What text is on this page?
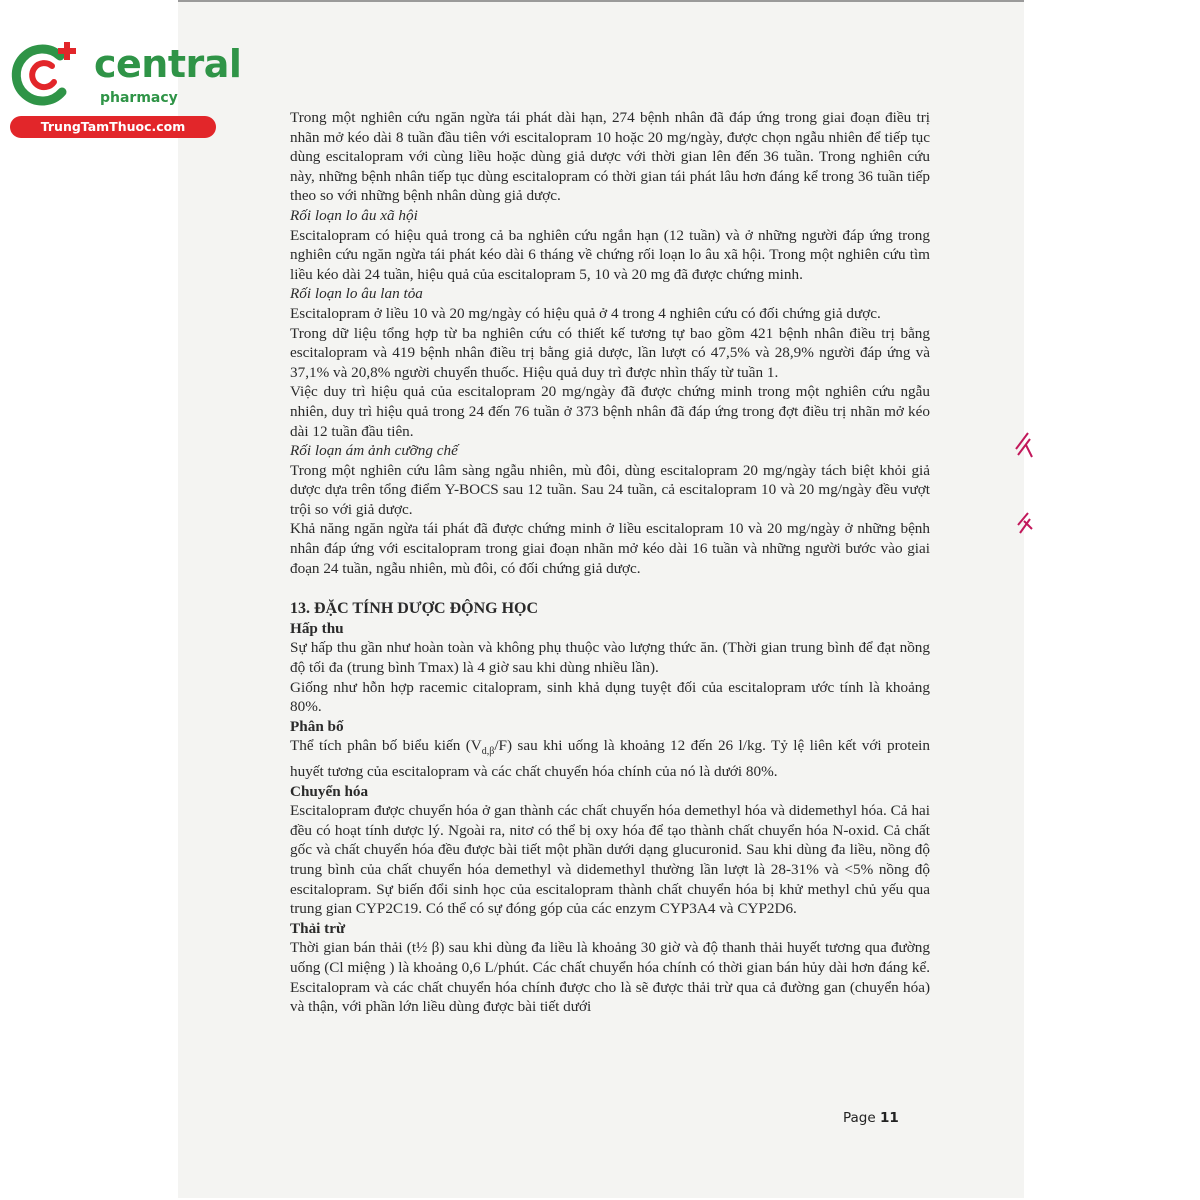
central
pharmacy
TrungTamThuoc.com

Trong một nghiên cứu ngăn ngừa tái phát dài hạn, 274 bệnh nhân đã đáp ứng trong giai đoạn điều trị nhãn mở kéo dài 8 tuần đầu tiên với escitalopram 10 hoặc 20 mg/ngày, được chọn ngẫu nhiên để tiếp tục dùng escitalopram với cùng liều hoặc dùng giả dược với thời gian lên đến 36 tuần. Trong nghiên cứu này, những bệnh nhân tiếp tục dùng escitalopram có thời gian tái phát lâu hơn đáng kể trong 36 tuần tiếp theo so với những bệnh nhân dùng giả dược.

Rối loạn lo âu xã hội

Escitalopram có hiệu quả trong cả ba nghiên cứu ngắn hạn (12 tuần) và ở những người đáp ứng trong nghiên cứu ngăn ngừa tái phát kéo dài 6 tháng về chứng rối loạn lo âu xã hội. Trong một nghiên cứu tìm liều kéo dài 24 tuần, hiệu quả của escitalopram 5, 10 và 20 mg đã được chứng minh.

Rối loạn lo âu lan tỏa

Escitalopram ở liều 10 và 20 mg/ngày có hiệu quả ở 4 trong 4 nghiên cứu có đối chứng giả dược.

Trong dữ liệu tổng hợp từ ba nghiên cứu có thiết kế tương tự bao gồm 421 bệnh nhân điều trị bằng escitalopram và 419 bệnh nhân điều trị bằng giả dược, lần lượt có 47,5% và 28,9% người đáp ứng và 37,1% và 20,8% người chuyển thuốc. Hiệu quả duy trì được nhìn thấy từ tuần 1.

Việc duy trì hiệu quả của escitalopram 20 mg/ngày đã được chứng minh trong một nghiên cứu ngẫu nhiên, duy trì hiệu quả trong 24 đến 76 tuần ở 373 bệnh nhân đã đáp ứng trong đợt điều trị nhãn mở kéo dài 12 tuần đầu tiên.

Rối loạn ám ảnh cưỡng chế

Trong một nghiên cứu lâm sàng ngẫu nhiên, mù đôi, dùng escitalopram 20 mg/ngày tách biệt khỏi giả dược dựa trên tổng điểm Y-BOCS sau 12 tuần. Sau 24 tuần, cả escitalopram 10 và 20 mg/ngày đều vượt trội so với giả dược.

Khả năng ngăn ngừa tái phát đã được chứng minh ở liều escitalopram 10 và 20 mg/ngày ở những bệnh nhân đáp ứng với escitalopram trong giai đoạn nhãn mở kéo dài 16 tuần và những người bước vào giai đoạn 24 tuần, ngẫu nhiên, mù đôi, có đối chứng giả dược.

13. ĐẶC TÍNH DƯỢC ĐỘNG HỌC

Hấp thu

Sự hấp thu gần như hoàn toàn và không phụ thuộc vào lượng thức ăn. (Thời gian trung bình để đạt nồng độ tối đa (trung bình Tmax) là 4 giờ sau khi dùng nhiều lần).

Giống như hỗn hợp racemic citalopram, sinh khả dụng tuyệt đối của escitalopram ước tính là khoảng 80%.

Phân bố

Thể tích phân bố biểu kiến $(V_{d,\beta}/F)$ sau khi uống là khoảng 12 đến 26 l/kg. Tỷ lệ liên kết với protein huyết tương của escitalopram và các chất chuyển hóa chính của nó là dưới 80%.

Chuyển hóa

Escitalopram được chuyển hóa ở gan thành các chất chuyển hóa demethyl hóa và didemethyl hóa. Cả hai đều có hoạt tính dược lý. Ngoài ra, nitơ có thể bị oxy hóa để tạo thành chất chuyển hóa N-oxid. Cả chất gốc và chất chuyển hóa đều được bài tiết một phần dưới dạng glucuronid. Sau khi dùng đa liều, nồng độ trung bình của chất chuyển hóa demethyl và didemethyl thường lần lượt là 28-31% và <5% nồng độ escitalopram. Sự biến đổi sinh học của escitalopram thành chất chuyển hóa bị khử methyl chủ yếu qua trung gian CYP2C19. Có thể có sự đóng góp của các enzym CYP3A4 và CYP2D6.

Thải trừ

Thời gian bán thải (t½ β) sau khi dùng đa liều là khoảng 30 giờ và độ thanh thải huyết tương qua đường uống (Cl miệng ) là khoảng 0,6 L/phút. Các chất chuyển hóa chính có thời gian bán hủy dài hơn đáng kể. Escitalopram và các chất chuyển hóa chính được cho là sẽ được thải trừ qua cả đường gan (chuyển hóa) và thận, với phần lớn liều dùng được bài tiết dưới

Page 11
